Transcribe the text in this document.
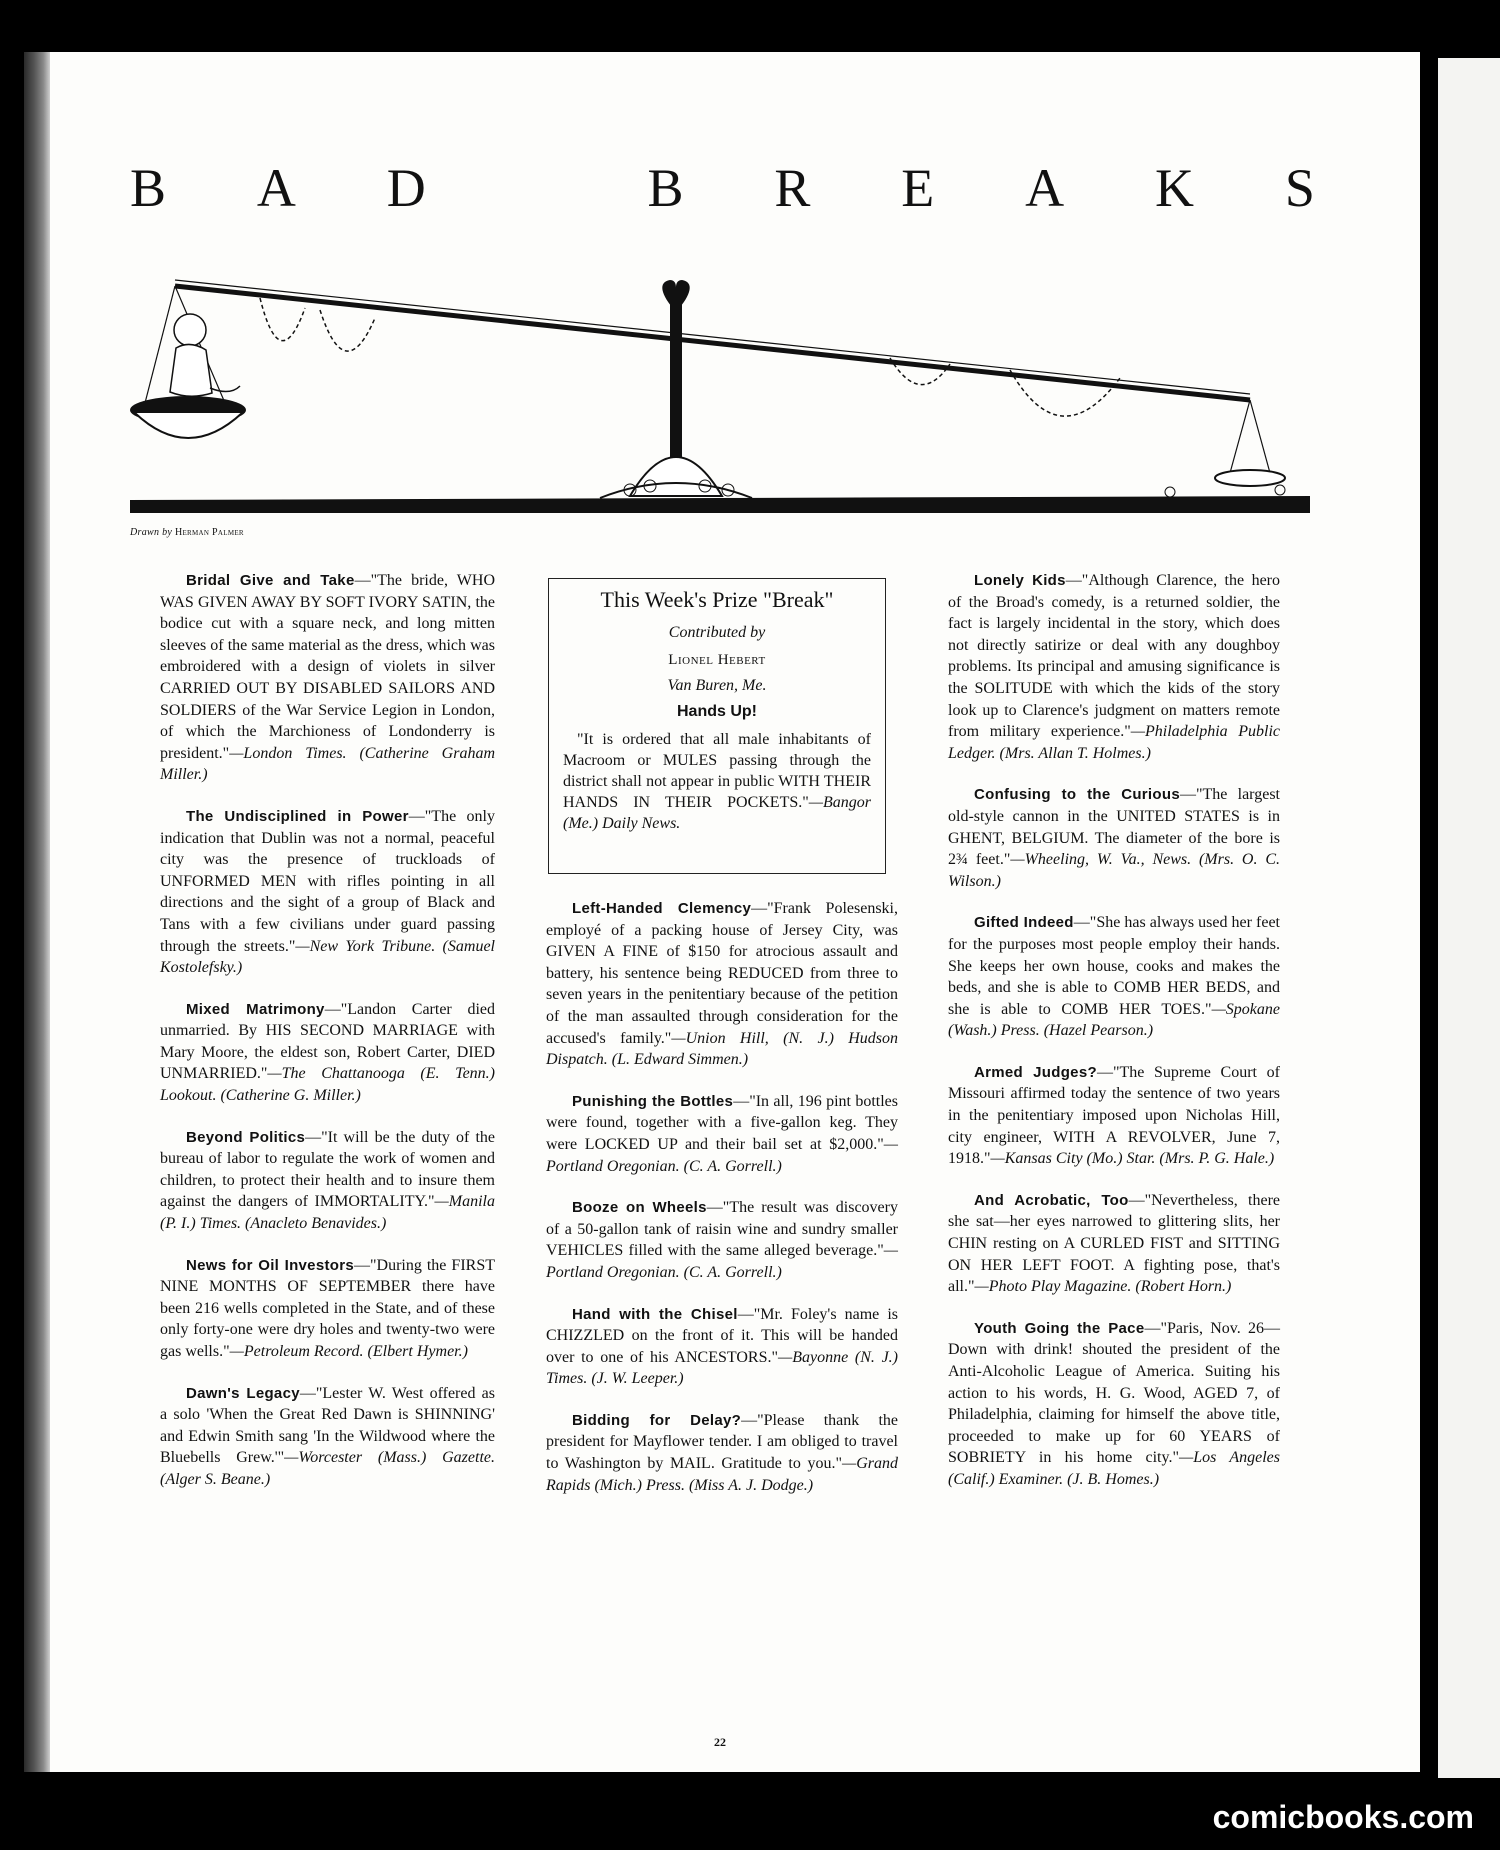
B A D	B R E A K S
Drawn by Herman Palmer

Bridal Give and Take—"The bride, WHO WAS GIVEN AWAY BY SOFT IVORY SATIN, the bodice cut with a square neck, and long mitten sleeves of the same material as the dress, which was embroidered with a design of violets in silver CARRIED OUT BY DISABLED SAILORS AND SOLDIERS of the War Service Legion in London, of which the Marchioness of Londonderry is president."—London Times. (Catherine Graham Miller.)

The Undisciplined in Power—"The only indication that Dublin was not a normal, peaceful city was the presence of truckloads of UNFORMED MEN with rifles pointing in all directions and the sight of a group of Black and Tans with a few civilians under guard passing through the streets."—New York Tribune. (Samuel Kostolefsky.)

Mixed Matrimony—"Landon Carter died unmarried. By HIS SECOND MARRIAGE with Mary Moore, the eldest son, Robert Carter, DIED UNMARRIED."—The Chattanooga (E. Tenn.) Lookout. (Catherine G. Miller.)

Beyond Politics—"It will be the duty of the bureau of labor to regulate the work of women and children, to protect their health and to insure them against the dangers of IMMORTALITY."—Manila (P. I.) Times. (Anacleto Benavides.)

News for Oil Investors—"During the FIRST NINE MONTHS OF SEPTEMBER there have been 216 wells completed in the State, and of these only forty-one were dry holes and twenty-two were gas wells."—Petroleum Record. (Elbert Hymer.)

Dawn's Legacy—"Lester W. West offered as a solo 'When the Great Red Dawn is SHINNING' and Edwin Smith sang 'In the Wildwood where the Bluebells Grew.'"—Worcester (Mass.) Gazette. (Alger S. Beane.)

This Week's Prize "Break"
Contributed by
Lionel Hebert
Van Buren, Me.
Hands Up!
"It is ordered that all male inhabitants of Macroom or MULES passing through the district shall not appear in public WITH THEIR HANDS IN THEIR POCKETS."—Bangor (Me.) Daily News.

Left-Handed Clemency—"Frank Polesenski, employé of a packing house of Jersey City, was GIVEN A FINE of $150 for atrocious assault and battery, his sentence being REDUCED from three to seven years in the penitentiary because of the petition of the man assaulted through consideration for the accused's family."—Union Hill, (N. J.) Hudson Dispatch. (L. Edward Simmen.)

Punishing the Bottles—"In all, 196 pint bottles were found, together with a five-gallon keg. They were LOCKED UP and their bail set at $2,000."—Portland Oregonian. (C. A. Gorrell.)

Booze on Wheels—"The result was discovery of a 50-gallon tank of raisin wine and sundry smaller VEHICLES filled with the same alleged beverage."—Portland Oregonian. (C. A. Gorrell.)

Hand with the Chisel—"Mr. Foley's name is CHIZZLED on the front of it. This will be handed over to one of his ANCESTORS."—Bayonne (N. J.) Times. (J. W. Leeper.)

Bidding for Delay?—"Please thank the president for Mayflower tender. I am obliged to travel to Washington by MAIL. Gratitude to you."—Grand Rapids (Mich.) Press. (Miss A. J. Dodge.)

Lonely Kids—"Although Clarence, the hero of the Broad's comedy, is a returned soldier, the fact is largely incidental in the story, which does not directly satirize or deal with any doughboy problems. Its principal and amusing significance is the SOLITUDE with which the kids of the story look up to Clarence's judgment on matters remote from military experience."—Philadelphia Public Ledger. (Mrs. Allan T. Holmes.)

Confusing to the Curious—"The largest old-style cannon in the UNITED STATES is in GHENT, BELGIUM. The diameter of the bore is 2¾ feet."—Wheeling, W. Va., News. (Mrs. O. C. Wilson.)

Gifted Indeed—"She has always used her feet for the purposes most people employ their hands. She keeps her own house, cooks and makes the beds, and she is able to COMB HER BEDS, and she is able to COMB HER TOES."—Spokane (Wash.) Press. (Hazel Pearson.)

Armed Judges?—"The Supreme Court of Missouri affirmed today the sentence of two years in the penitentiary imposed upon Nicholas Hill, city engineer, WITH A REVOLVER, June 7, 1918."—Kansas City (Mo.) Star. (Mrs. P. G. Hale.)

And Acrobatic, Too—"Nevertheless, there she sat—her eyes narrowed to glittering slits, her CHIN resting on A CURLED FIST and SITTING ON HER LEFT FOOT. A fighting pose, that's all."—Photo Play Magazine. (Robert Horn.)

Youth Going the Pace—"Paris, Nov. 26—Down with drink! shouted the president of the Anti-Alcoholic League of America. Suiting his action to his words, H. G. Wood, AGED 7, of Philadelphia, claiming for himself the above title, proceeded to make up for 60 YEARS of SOBRIETY in his home city."—Los Angeles (Calif.) Examiner. (J. B. Homes.)

22
comicbooks.com
